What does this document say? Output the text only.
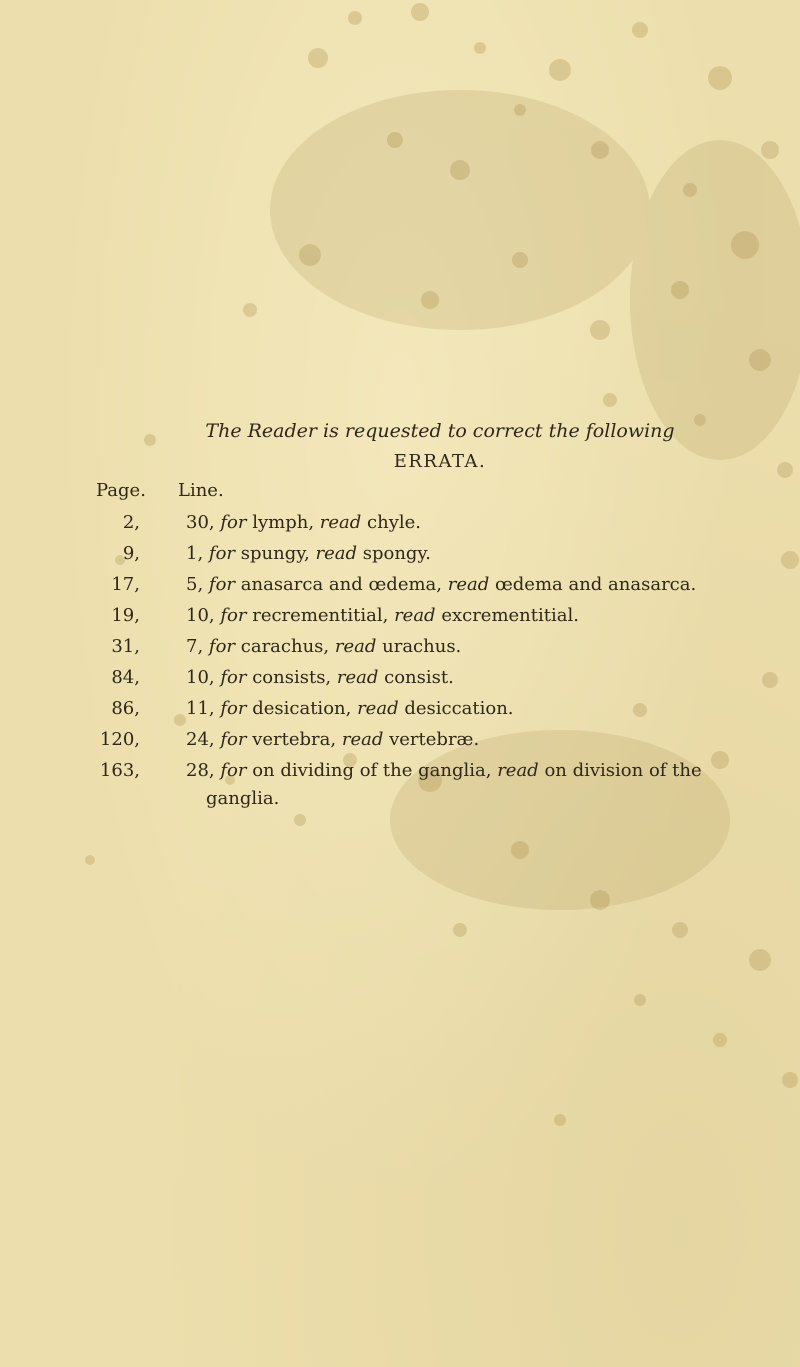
The Reader is requested to correct the following
ERRATA.
Page. Line.
2,	30, for lymph, read chyle.
9,	1, for spungy, read spongy.
17,	5, for anasarca and œdema, read œdema and anasarca.
19,	10, for recrementitial, read excrementitial.
31,	7, for carachus, read urachus.
84,	10, for consists, read consist.
86,	11, for desication, read desiccation.
120,	24, for vertebra, read vertebræ.
163,	28, for on dividing of the ganglia, read on division of the
ganglia.
